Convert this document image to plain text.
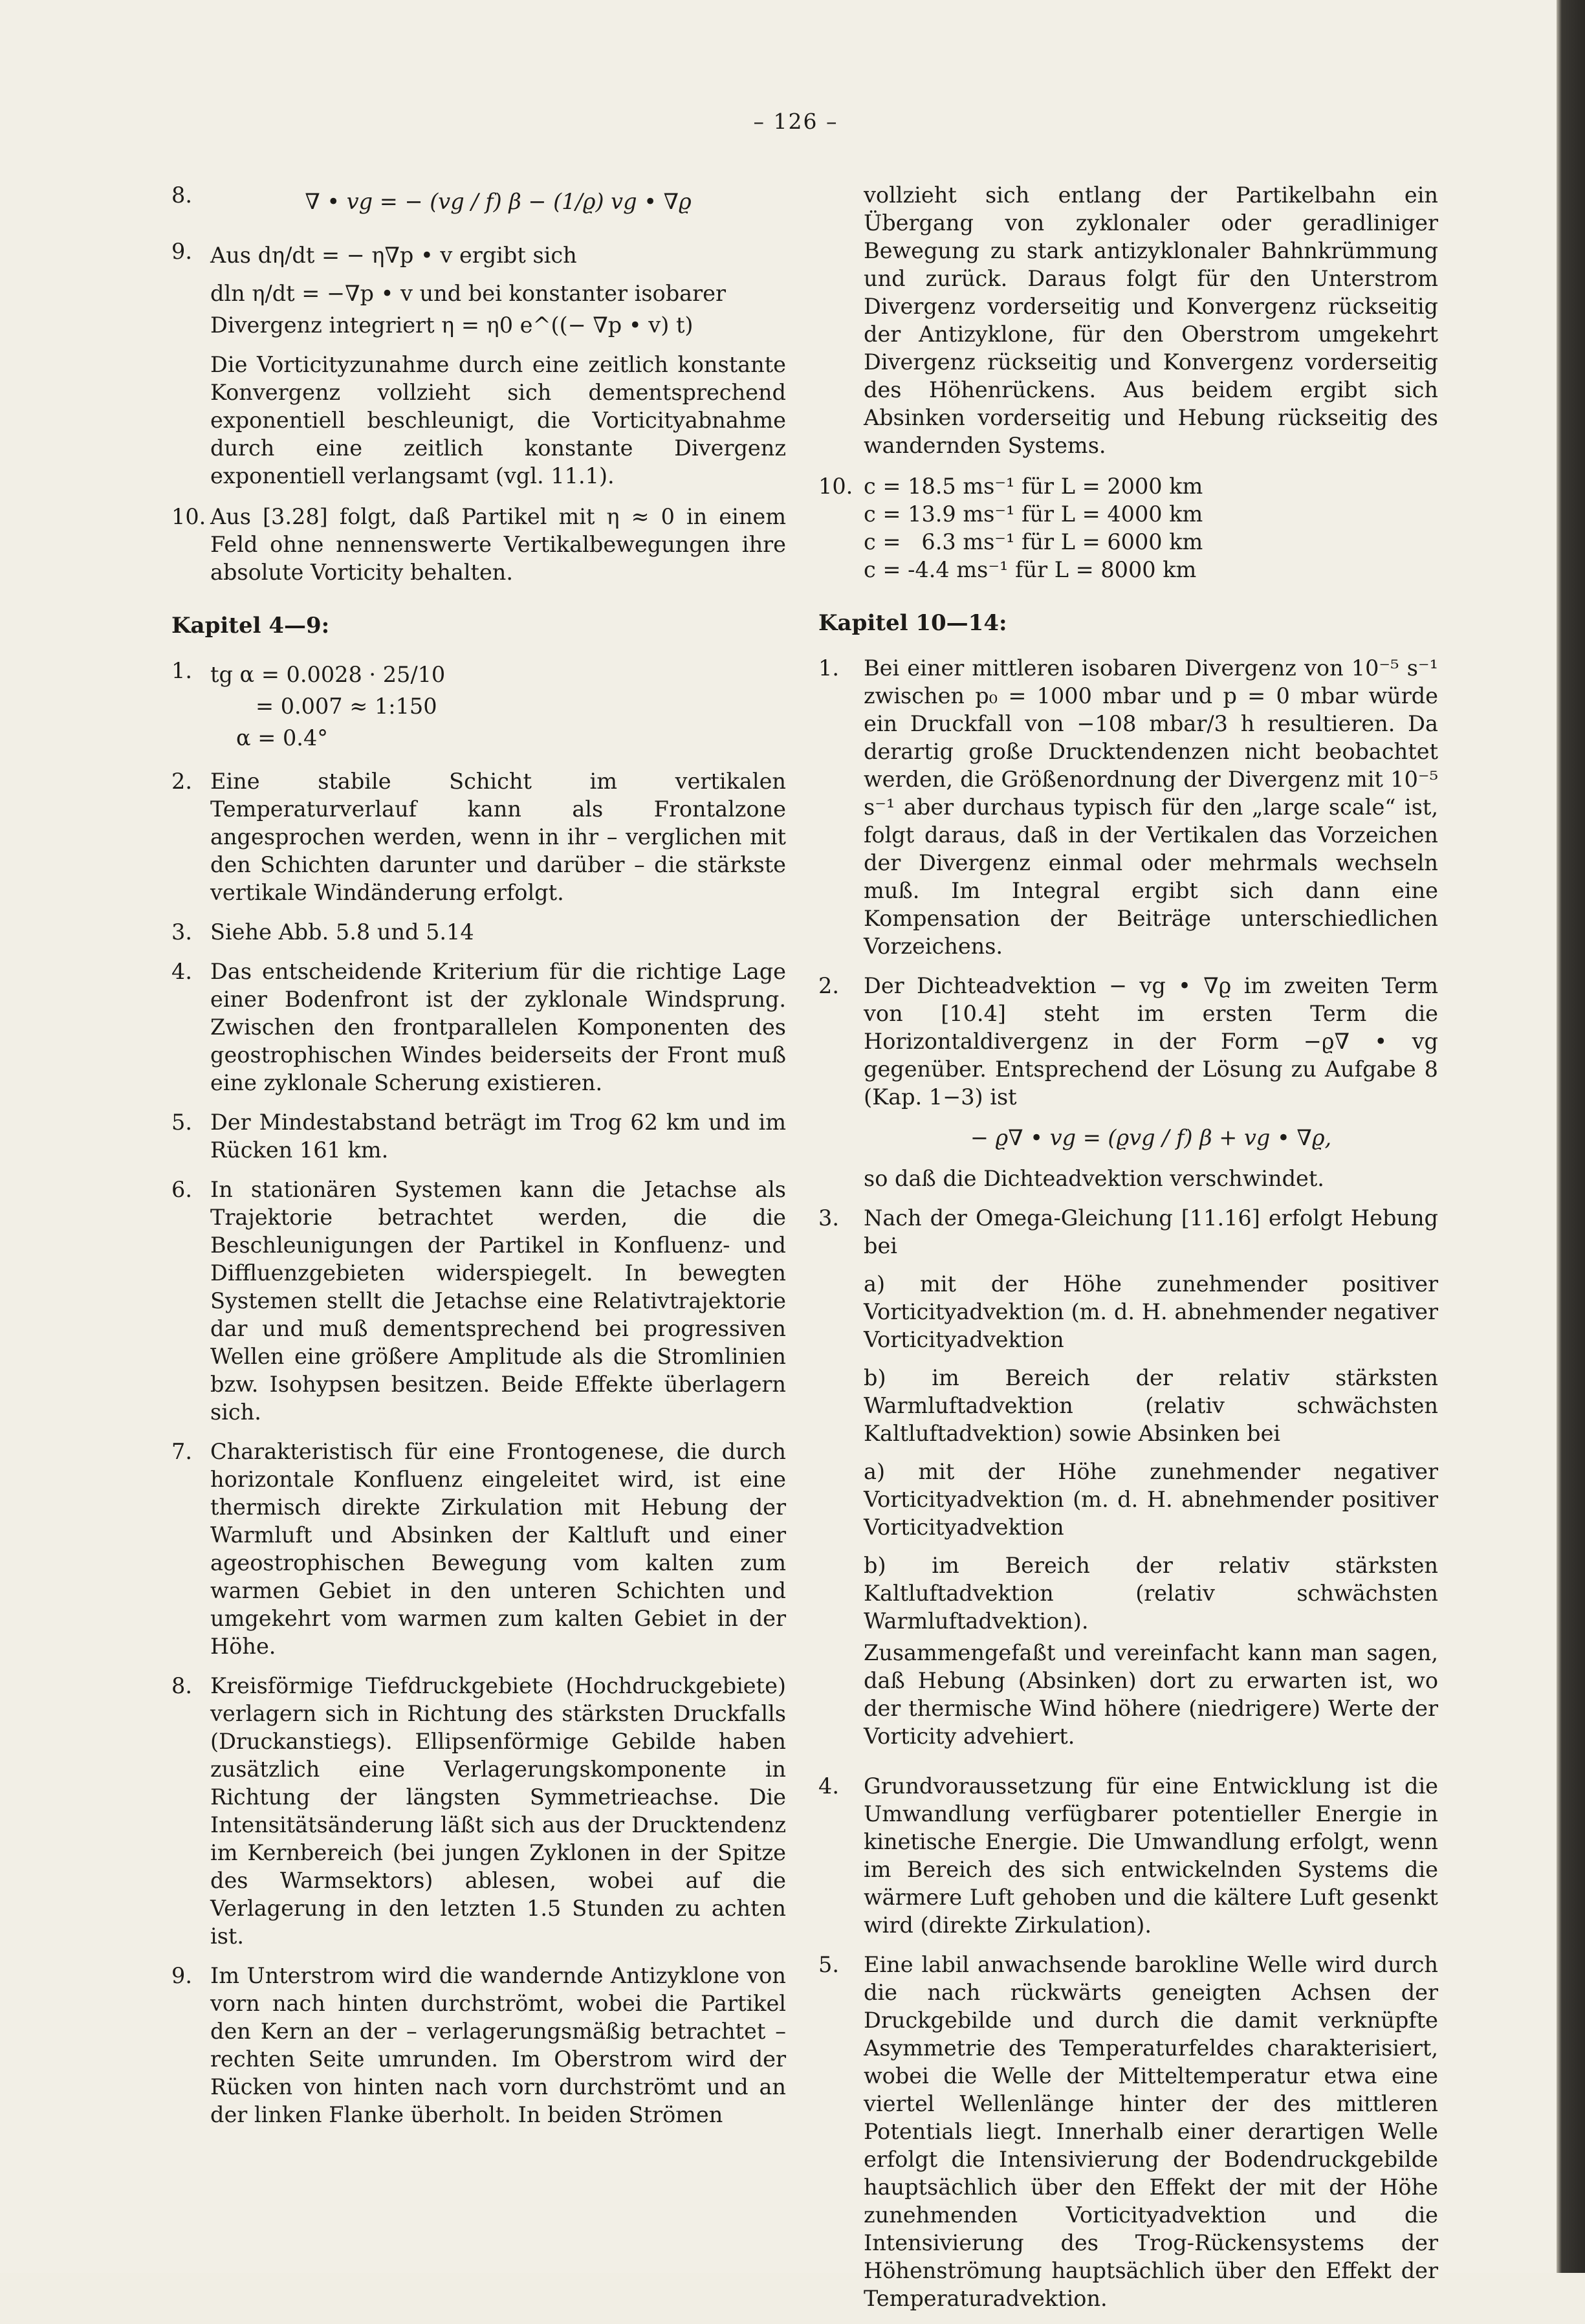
– 126 –
8.	∇ • vg = − (vg / f) β − (1/ϱ) vg • ∇ϱ
9. Aus dη/dt = − η∇p • v ergibt sich
dln η/dt = −∇p • v und bei konstanter isobarer
Divergenz integriert η = η0 e^((− ∇p • v) t)

Die Vorticityzunahme durch eine zeitlich konstante Konvergenz vollzieht sich dementsprechend exponentiell beschleunigt, die Vorticityabnahme durch eine zeitlich konstante Divergenz exponentiell verlangsamt (vgl. 11.1).

10. Aus [3.28] folgt, daß Partikel mit η ≈ 0 in einem Feld ohne nennenswerte Vertikalbewegungen ihre absolute Vorticity behalten.
Kapitel 4—9:
1. tg α = 0.0028 · 25/10
= 0.007 ≈ 1:150
α = 0.4°
2. Eine stabile Schicht im vertikalen Temperaturverlauf kann als Frontalzone angesprochen werden, wenn in ihr – verglichen mit den Schichten darunter und darüber – die stärkste vertikale Windänderung erfolgt.
3. Siehe Abb. 5.8 und 5.14
4. Das entscheidende Kriterium für die richtige Lage einer Bodenfront ist der zyklonale Windsprung. Zwischen den frontparallelen Komponenten des geostrophischen Windes beiderseits der Front muß eine zyklonale Scherung existieren.
5. Der Mindestabstand beträgt im Trog 62 km und im Rücken 161 km.
6. In stationären Systemen kann die Jetachse als Trajektorie betrachtet werden, die die Beschleunigungen der Partikel in Konfluenz- und Diffluenzgebieten widerspiegelt. In bewegten Systemen stellt die Jetachse eine Relativtrajektorie dar und muß dementsprechend bei progressiven Wellen eine größere Amplitude als die Stromlinien bzw. Isohypsen besitzen. Beide Effekte überlagern sich.
7. Charakteristisch für eine Frontogenese, die durch horizontale Konfluenz eingeleitet wird, ist eine thermisch direkte Zirkulation mit Hebung der Warmluft und Absinken der Kaltluft und einer ageostrophischen Bewegung vom kalten zum warmen Gebiet in den unteren Schichten und umgekehrt vom warmen zum kalten Gebiet in der Höhe.
8. Kreisförmige Tiefdruckgebiete (Hochdruckgebiete) verlagern sich in Richtung des stärksten Druckfalls (Druckanstiegs). Ellipsenförmige Gebilde haben zusätzlich eine Verlagerungskomponente in Richtung der längsten Symmetrieachse. Die Intensitätsänderung läßt sich aus der Drucktendenz im Kernbereich (bei jungen Zyklonen in der Spitze des Warmsektors) ablesen, wobei auf die Verlagerung in den letzten 1.5 Stunden zu achten ist.
9. Im Unterstrom wird die wandernde Antizyklone von vorn nach hinten durchströmt, wobei die Partikel den Kern an der – verlagerungsmäßig betrachtet – rechten Seite umrunden. Im Oberstrom wird der Rücken von hinten nach vorn durchströmt und an der linken Flanke überholt. In beiden Strömen

vollzieht sich entlang der Partikelbahn ein Übergang von zyklonaler oder geradliniger Bewegung zu stark antizyklonaler Bahnkrümmung und zurück. Daraus folgt für den Unterstrom Divergenz vorderseitig und Konvergenz rückseitig der Antizyklone, für den Oberstrom umgekehrt Divergenz rückseitig und Konvergenz vorderseitig des Höhenrückens. Aus beidem ergibt sich Absinken vorderseitig und Hebung rückseitig des wandernden Systems.

10. c = 18.5 ms⁻¹ für L = 2000 km
c = 13.9 ms⁻¹ für L = 4000 km
c =   6.3 ms⁻¹ für L = 6000 km
c = -4.4 ms⁻¹ für L = 8000 km
Kapitel 10—14:
1.	Bei einer mittleren isobaren Divergenz von 10⁻⁵ s⁻¹ zwischen p₀ = 1000 mbar und p = 0 mbar würde ein Druckfall von −108 mbar/3 h resultieren. Da derartig große Drucktendenzen nicht beobachtet werden, die Größenordnung der Divergenz mit 10⁻⁵ s⁻¹ aber durchaus typisch für den „large scale“ ist, folgt daraus, daß in der Vertikalen das Vorzeichen der Divergenz einmal oder mehrmals wechseln muß. Im Integral ergibt sich dann eine Kompensation der Beiträge unterschiedlichen Vorzeichens.
2.	Der Dichteadvektion − vg • ∇ϱ im zweiten Term von [10.4] steht im ersten Term die Horizontaldivergenz in der Form −ϱ∇ • vg gegenüber. Entsprechend der Lösung zu Aufgabe 8 (Kap. 1−3) ist
− ϱ∇ • vg = (ϱvg / f) β + vg • ∇ϱ,
so daß die Dichteadvektion verschwindet.
3.	Nach der Omega-Gleichung [11.16] erfolgt Hebung bei

a) mit der Höhe zunehmender positiver Vorticityadvektion (m. d. H. abnehmender negativer Vorticityadvektion

b) im Bereich der relativ stärksten Warmluftadvektion (relativ schwächsten Kaltluftadvektion) sowie Absinken bei

a) mit der Höhe zunehmender negativer Vorticityadvektion (m. d. H. abnehmender positiver Vorticityadvektion

b) im Bereich der relativ stärksten Kaltluftadvektion (relativ schwächsten Warmluftadvektion).

Zusammengefaßt und vereinfacht kann man sagen, daß Hebung (Absinken) dort zu erwarten ist, wo der thermische Wind höhere (niedrigere) Werte der Vorticity advehiert.

4.	Grundvoraussetzung für eine Entwicklung ist die Umwandlung verfügbarer potentieller Energie in kinetische Energie. Die Umwandlung erfolgt, wenn im Bereich des sich entwickelnden Systems die wärmere Luft gehoben und die kältere Luft gesenkt wird (direkte Zirkulation).
5.	Eine labil anwachsende barokline Welle wird durch die nach rückwärts geneigten Achsen der Druckgebilde und durch die damit verknüpfte Asymmetrie des Temperaturfeldes charakterisiert, wobei die Welle der Mitteltemperatur etwa eine viertel Wellenlänge hinter der des mittleren Potentials liegt. Innerhalb einer derartigen Welle erfolgt die Intensivierung der Bodendruckgebilde hauptsächlich über den Effekt der mit der Höhe zunehmenden Vorticityadvektion und die Intensivierung des Trog-Rückensystems der Höhenströmung hauptsächlich über den Effekt der Temperaturadvektion.
